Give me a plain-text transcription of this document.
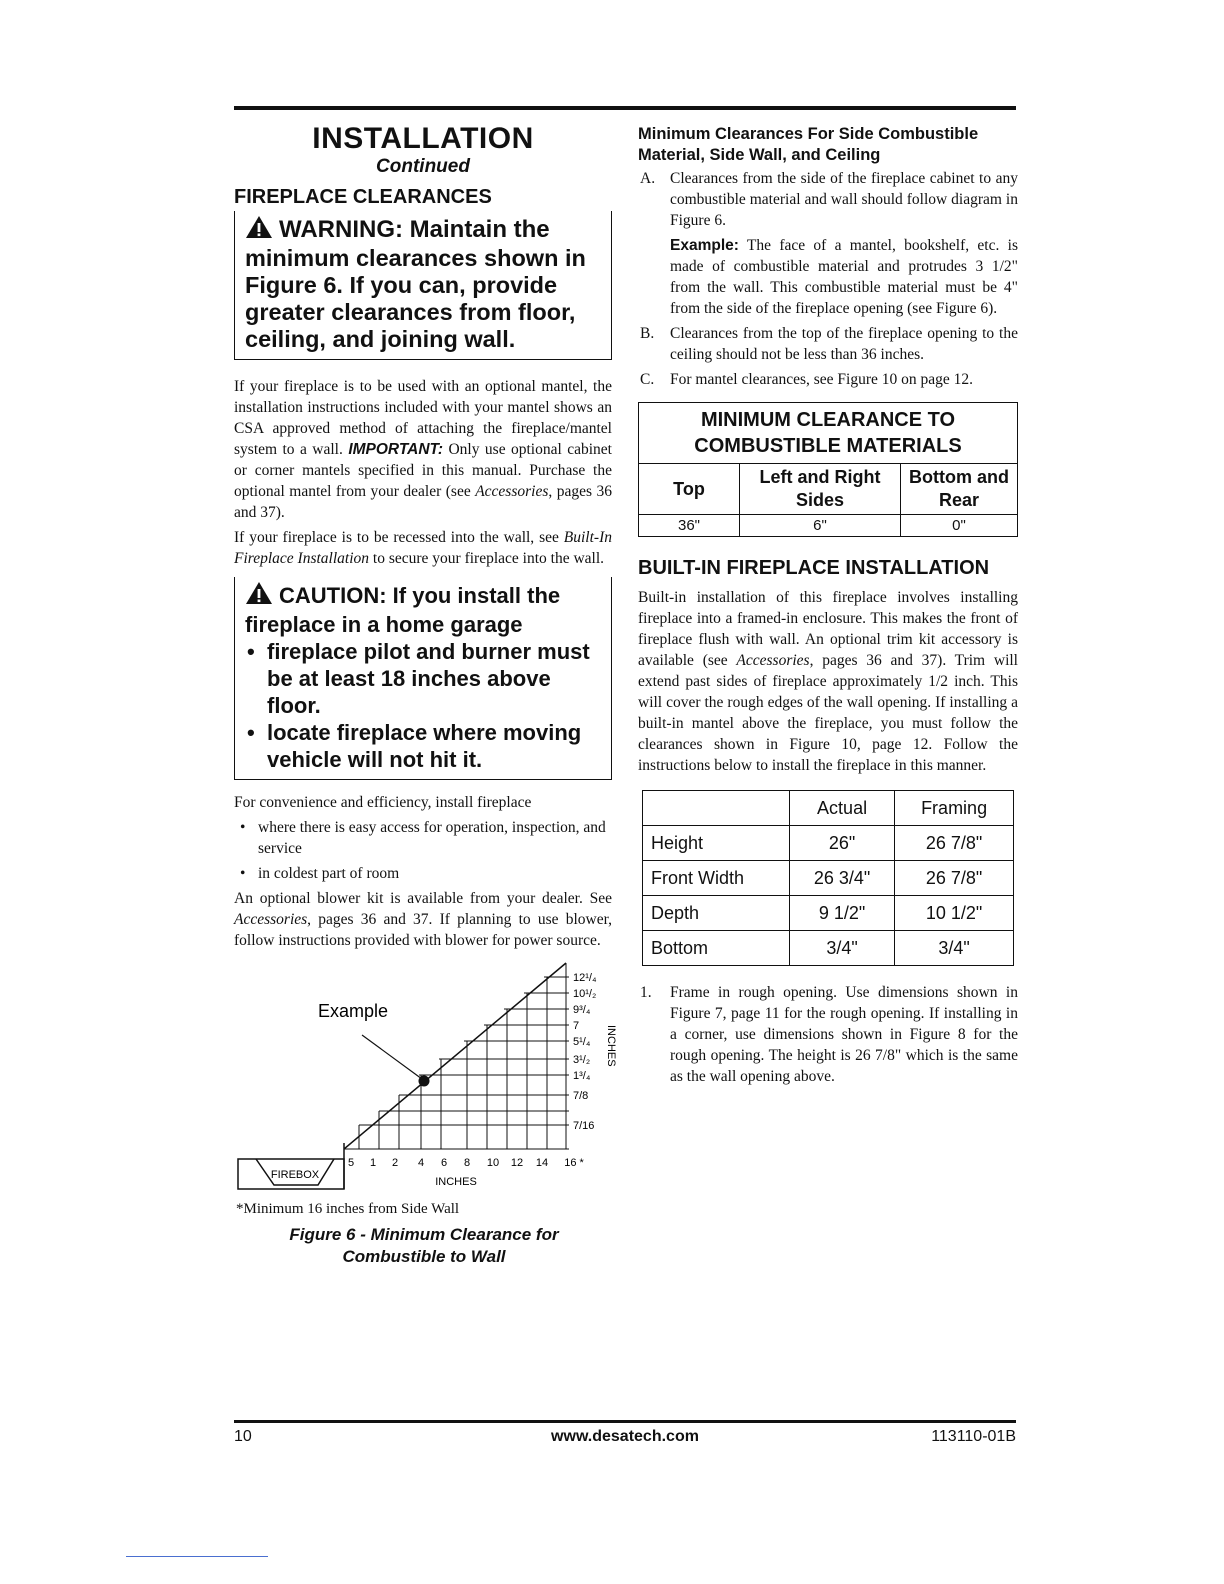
INSTALLATION
Continued
FIREPLACE CLEARANCES
WARNING: Maintain the minimum clearances shown in Figure 6. If you can, provide greater clearances from floor, ceiling, and joining wall.

If your fireplace is to be used with an optional mantel, the installation instructions included with your mantel shows an CSA approved method of attaching the fireplace/mantel system to a wall. IMPORTANT: Only use optional cabinet or corner mantels specified in this manual. Purchase the optional mantel from your dealer (see Accessories, pages 36 and 37).

If your fireplace is to be recessed into the wall, see Built-In Fireplace Installation to secure your fireplace into the wall.

CAUTION: If you install the fireplace in a home garage
• fireplace pilot and burner must be at least 18 inches above floor.
• locate fireplace where moving vehicle will not hit it.

For convenience and efficiency, install fireplace

• where there is easy access for operation, inspection, and service
• in coldest part of room

An optional blower kit is available from your dealer. See Accessories, pages 36 and 37. If planning to use blower, follow instructions provided with blower for power source.

FIREBOX
Example
5 1 2 4 6 8 10 12 14 16 *
INCHES
12¹/₄
10¹/₂
9³/₄
7
5¹/₄
3¹/₂
1³/₄
7/8
7/16
INCHES
*Minimum 16 inches from Side Wall
Figure 6 - Minimum Clearance for
Combustible to Wall
Minimum Clearances For Side Combustible Material, Side Wall, and Ceiling
A. Clearances from the side of the fireplace cabinet to any combustible material and wall should follow diagram in Figure 6.
Example: The face of a mantel, bookshelf, etc. is made of combustible material and protrudes 3 1/2" from the wall. This combustible material must be 4" from the side of the fireplace opening (see Figure 6).
B. Clearances from the top of the fireplace opening to the ceiling should not be less than 36 inches.
C. For mantel clearances, see Figure 10 on page 12.
MINIMUM CLEARANCE TO
COMBUSTIBLE MATERIALS		

Top	Left and Right Sides	Bottom and Rear
36"	6"	0"
BUILT-IN FIREPLACE INSTALLATION

Built-in installation of this fireplace involves installing fireplace into a framed-in enclosure. This makes the front of fireplace flush with wall. An optional trim kit accessory is available (see Accessories, pages 36 and 37). Trim will extend past sides of fireplace approximately 1/2 inch. This will cover the rough edges of the wall opening. If installing a built-in mantel above the fireplace, you must follow the clearances shown in Figure 10, page 12. Follow the instructions below to install the fireplace in this manner.

	Actual	Framing
Height	26"	26 7/8"
Front Width	26 3/4"	26 7/8"
Depth	9 1/2"	10 1/2"
Bottom	3/4"	3/4"
1. Frame in rough opening. Use dimensions shown in Figure 7, page 11 for the rough opening. If installing in a corner, use dimensions shown in Figure 8 for the rough opening. The height is 26 7/8" which is the same as the wall opening above.
10	www.desatech.com	113110-01B
